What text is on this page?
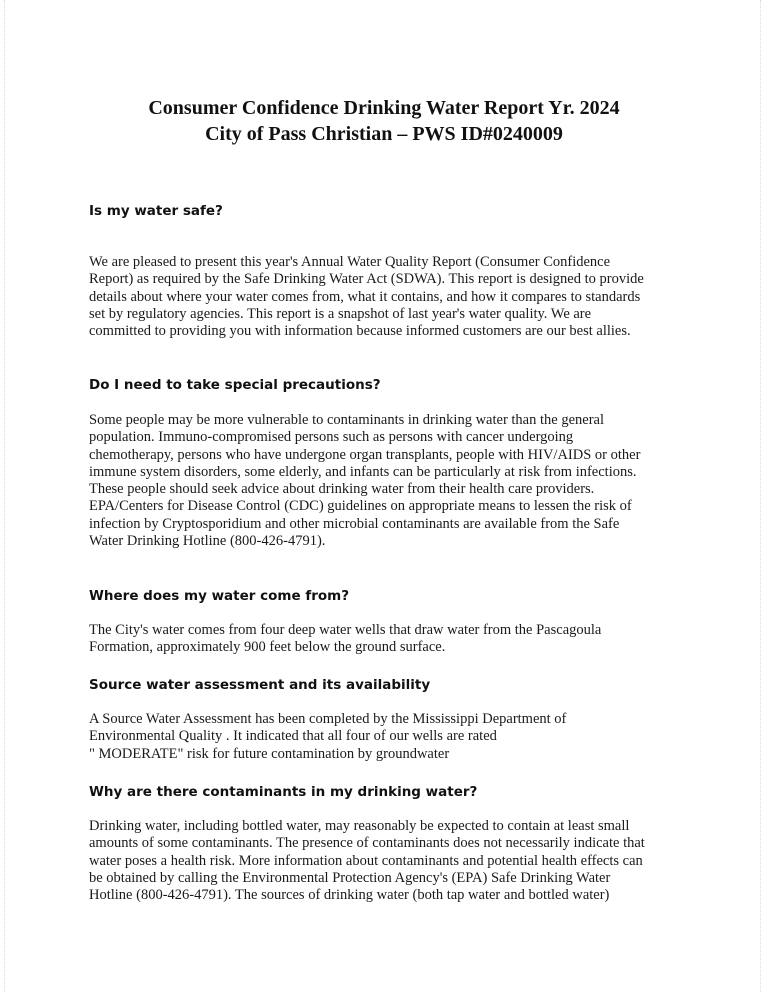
Consumer Confidence Drinking Water Report Yr. 2024
City of Pass Christian – PWS ID#0240009
Is my water safe?
We are pleased to present this year's Annual Water Quality Report (Consumer Confidence
Report) as required by the Safe Drinking Water Act (SDWA). This report is designed to provide
details about where your water comes from, what it contains, and how it compares to standards
set by regulatory agencies. This report is a snapshot of last year's water quality. We are
committed to providing you with information because informed customers are our best allies.
Do I need to take special precautions?
Some people may be more vulnerable to contaminants in drinking water than the general
population. Immuno-compromised persons such as persons with cancer undergoing
chemotherapy, persons who have undergone organ transplants, people with HIV/AIDS or other
immune system disorders, some elderly, and infants can be particularly at risk from infections.
These people should seek advice about drinking water from their health care providers.
EPA/Centers for Disease Control (CDC) guidelines on appropriate means to lessen the risk of
infection by Cryptosporidium and other microbial contaminants are available from the Safe
Water Drinking Hotline (800-426-4791).
Where does my water come from?
The City's water comes from four deep water wells that draw water from the Pascagoula
Formation, approximately 900 feet below the ground surface.
Source water assessment and its availability
A Source Water Assessment has been completed by the Mississippi Department of
Environmental Quality . It indicated that all four of our wells are rated
" MODERATE" risk for future contamination by groundwater
Why are there contaminants in my drinking water?
Drinking water, including bottled water, may reasonably be expected to contain at least small
amounts of some contaminants. The presence of contaminants does not necessarily indicate that
water poses a health risk. More information about contaminants and potential health effects can
be obtained by calling the Environmental Protection Agency's (EPA) Safe Drinking Water
Hotline (800-426-4791). The sources of drinking water (both tap water and bottled water)
